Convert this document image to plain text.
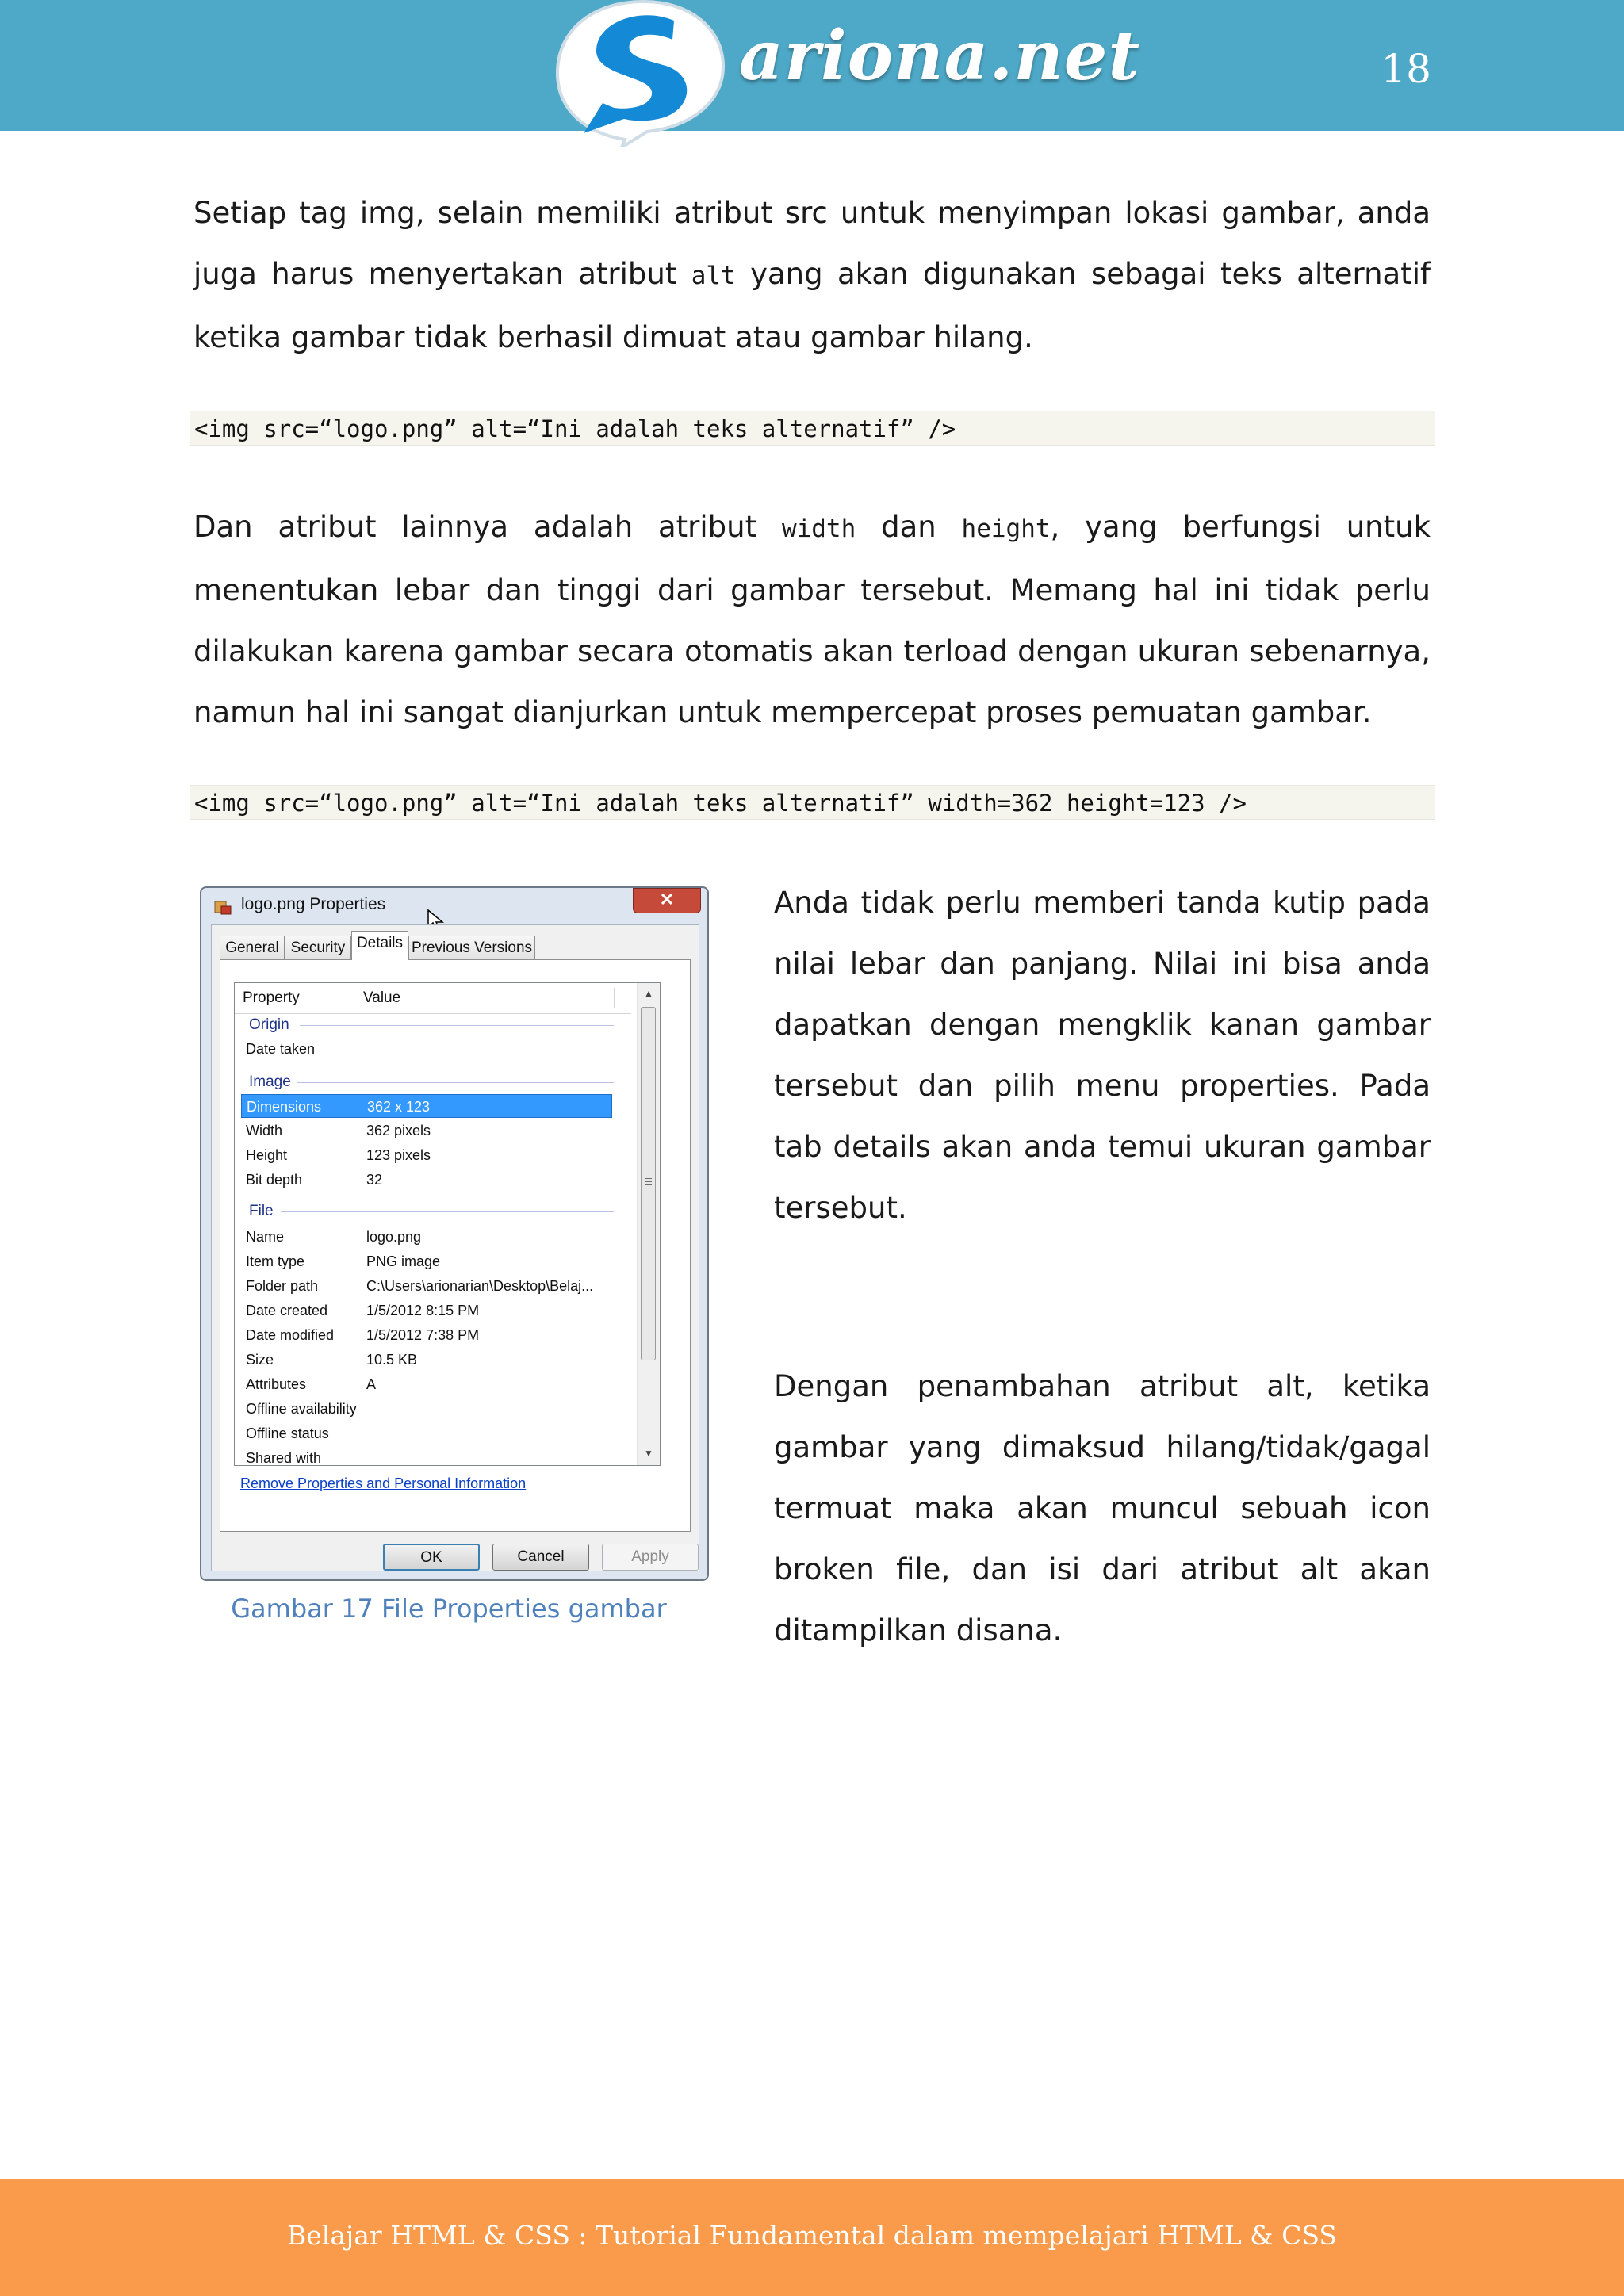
ariona.net	18

Setiap tag img, selain memiliki atribut src untuk menyimpan lokasi gambar, anda juga harus menyertakan atribut alt yang akan digunakan sebagai teks alternatif ketika gambar tidak berhasil dimuat atau gambar hilang.

<img src=“logo.png” alt=“Ini adalah teks alternatif” />

Dan atribut lainnya adalah atribut width dan height, yang berfungsi untuk menentukan lebar dan tinggi dari gambar tersebut. Memang hal ini tidak perlu dilakukan karena gambar secara otomatis akan terload dengan ukuran sebenarnya, namun hal ini sangat dianjurkan untuk mempercepat proses pemuatan gambar.

<img src=“logo.png” alt=“Ini adalah teks alternatif” width=362 height=123 />
logo.png Properties	✕
General Security Details Previous Versions
Property	Value
Origin
Date taken
Image
Dimensions	362 x 123
Width	362 pixels
Height	123 pixels
Bit depth	32
File
Name	logo.png
Item type	PNG image
Folder path	C:\Users\arionarian\Desktop\Belaj...
Date created	1/5/2012 8:15 PM
Date modified 1/5/2012 7:38 PM
Size	10.5 KB
Attributes	A
Offline availability
Offline status
Shared with
▲
▼
Remove Properties and Personal Information
OK	Cancel	Apply
Gambar 17 File Properties gambar

Anda tidak perlu memberi tanda kutip pada nilai lebar dan panjang. Nilai ini bisa anda dapatkan dengan mengklik kanan gambar tersebut dan pilih menu properties. Pada tab details akan anda temui ukuran gambar tersebut.

Dengan penambahan atribut alt, ketika gambar yang dimaksud hilang/tidak/gagal termuat maka akan muncul sebuah icon broken file, dan isi dari atribut alt akan ditampilkan disana.

Belajar HTML & CSS : Tutorial Fundamental dalam mempelajari HTML & CSS
